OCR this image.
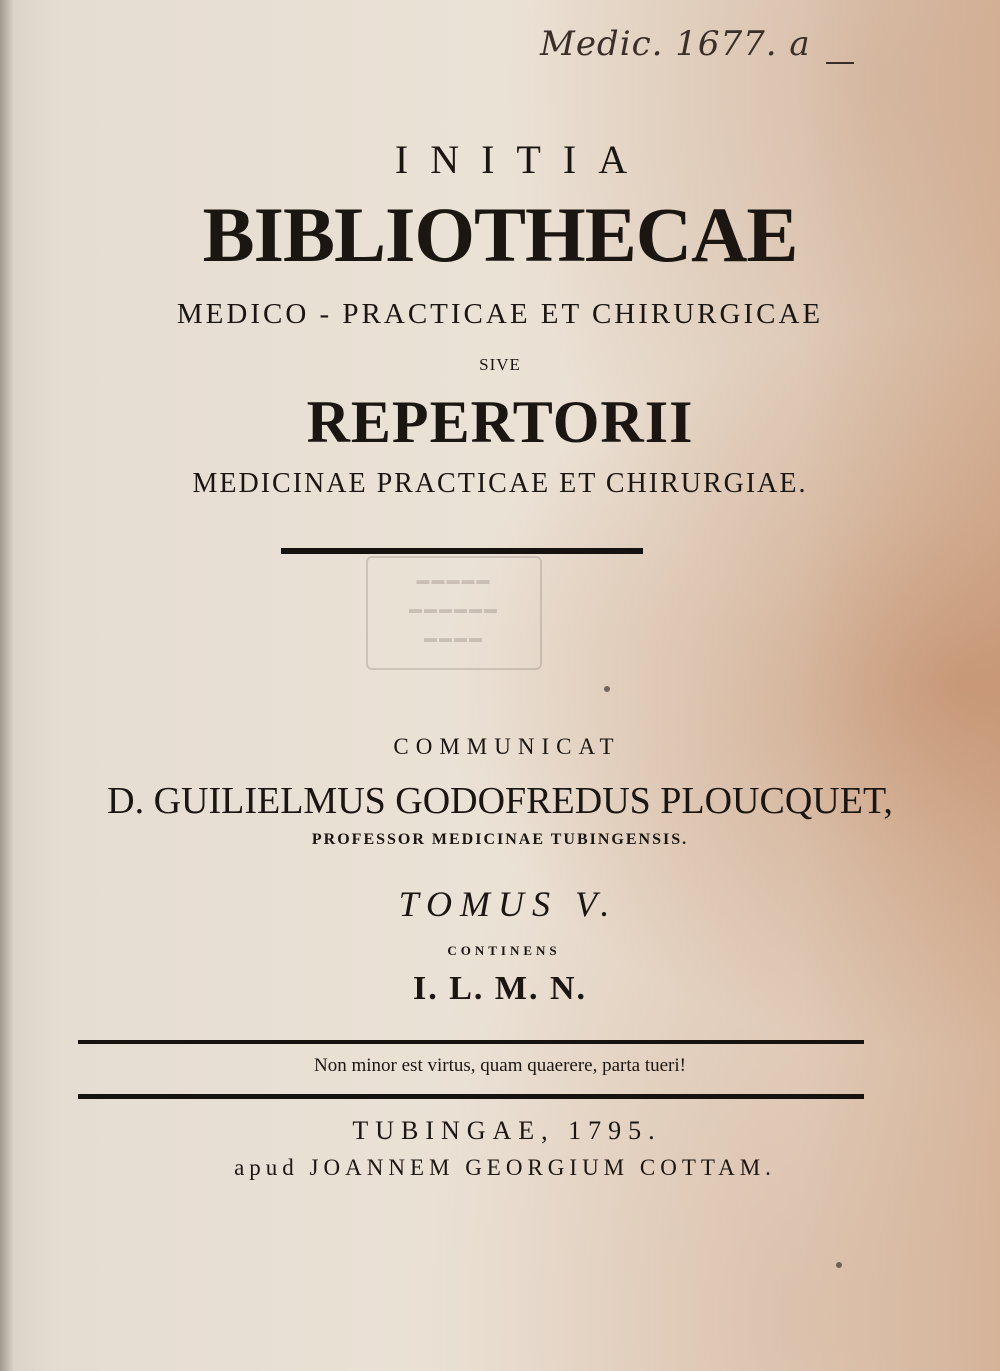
Medic. 1677. a
INITIA
BIBLIOTHECAE
MEDICO - PRACTICAE ET CHIRURGICAE
SIVE
REPERTORII
MEDICINAE PRACTICAE ET CHIRURGIAE.
▬▬▬▬▬
▬▬▬▬▬▬
▬▬▬▬
COMMUNICAT
D. GUILIELMUS GODOFREDUS PLOUCQUET,
PROFESSOR MEDICINAE TUBINGENSIS.
TOMUS V.
CONTINENS
I. L. M. N.
Non minor est virtus, quam quaerere, parta tueri!
TUBINGAE, 1795.
apud JOANNEM GEORGIUM COTTAM.
